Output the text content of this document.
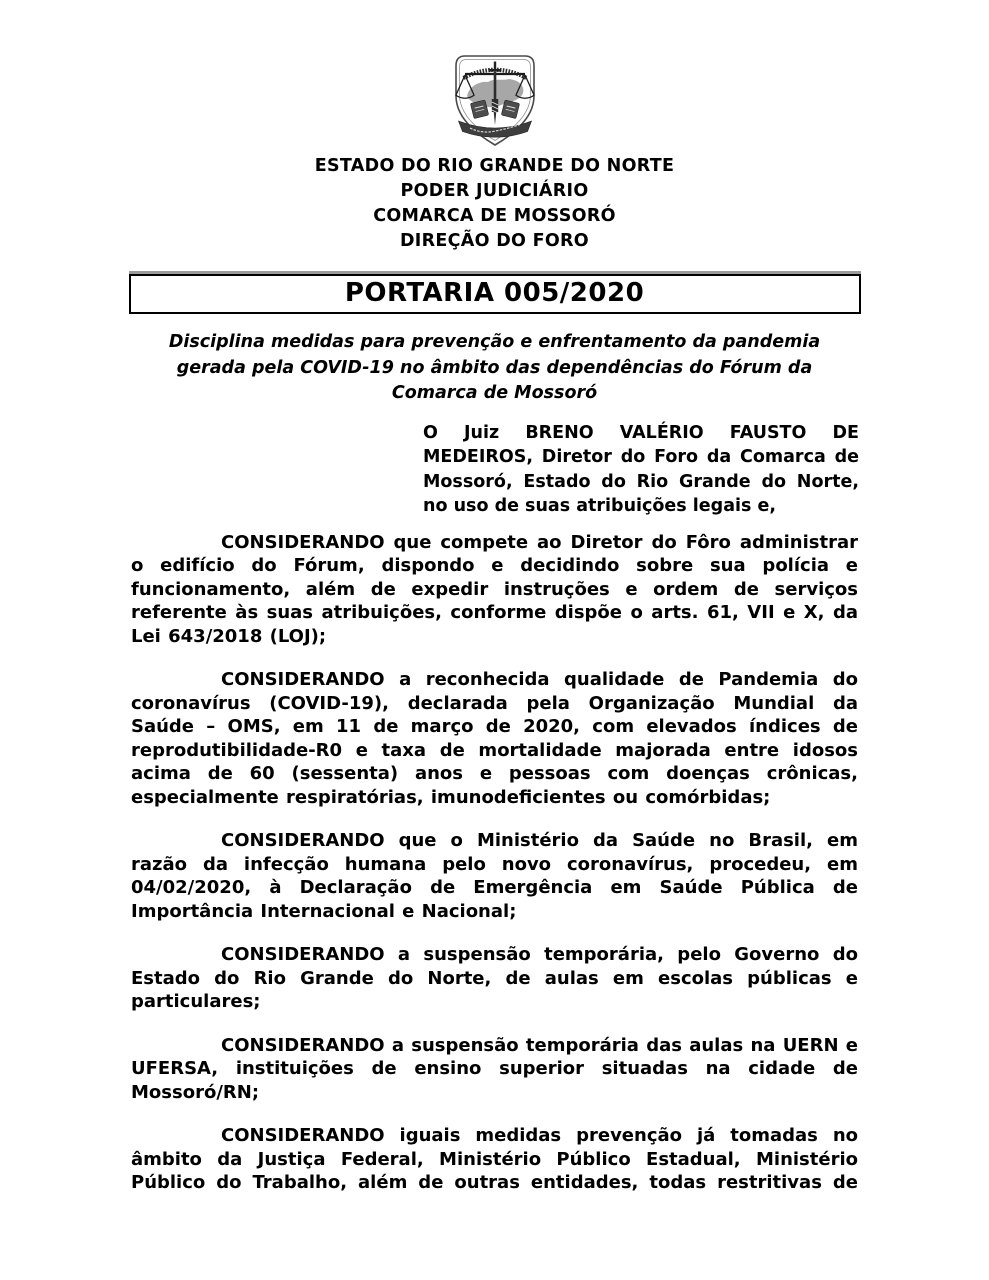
ESTADO DO RIO GRANDE DO NORTE
PODER JUDICIÁRIO
COMARCA DE MOSSORÓ
DIREÇÃO DO FORO
PORTARIA 005/2020

Disciplina medidas para prevenção e enfrentamento da pandemia gerada pela COVID-19 no âmbito das dependências do Fórum da Comarca de Mossoró

O Juiz BRENO VALÉRIO FAUSTO DE MEDEIROS, Diretor do Foro da Comarca de Mossoró, Estado do Rio Grande do Norte, no uso de suas atribuições legais e,

CONSIDERANDO que compete ao Diretor do Fôro administrar o edifício do Fórum, dispondo e decidindo sobre sua polícia e funcionamento, além de expedir instruções e ordem de serviços referente às suas atribuições, conforme dispõe o arts. 61, VII e X, da Lei 643/2018 (LOJ);

CONSIDERANDO a reconhecida qualidade de Pandemia do coronavírus (COVID-19), declarada pela Organização Mundial da Saúde – OMS, em 11 de março de 2020, com elevados índices de reprodutibilidade-R0 e taxa de mortalidade majorada entre idosos acima de 60 (sessenta) anos e pessoas com doenças crônicas, especialmente respiratórias, imunodeficientes ou comórbidas;

CONSIDERANDO que o Ministério da Saúde no Brasil, em razão da infecção humana pelo novo coronavírus, procedeu, em 04/02/2020, à Declaração de Emergência em Saúde Pública de Importância Internacional e Nacional;

CONSIDERANDO a suspensão temporária, pelo Governo do Estado do Rio Grande do Norte, de aulas em escolas públicas e particulares;

CONSIDERANDO a suspensão temporária das aulas na UERN e UFERSA, instituições de ensino superior situadas na cidade de Mossoró/RN;

CONSIDERANDO iguais medidas prevenção já tomadas no âmbito da Justiça Federal, Ministério Público Estadual, Ministério Público do Trabalho, além de outras entidades, todas restritivas de
